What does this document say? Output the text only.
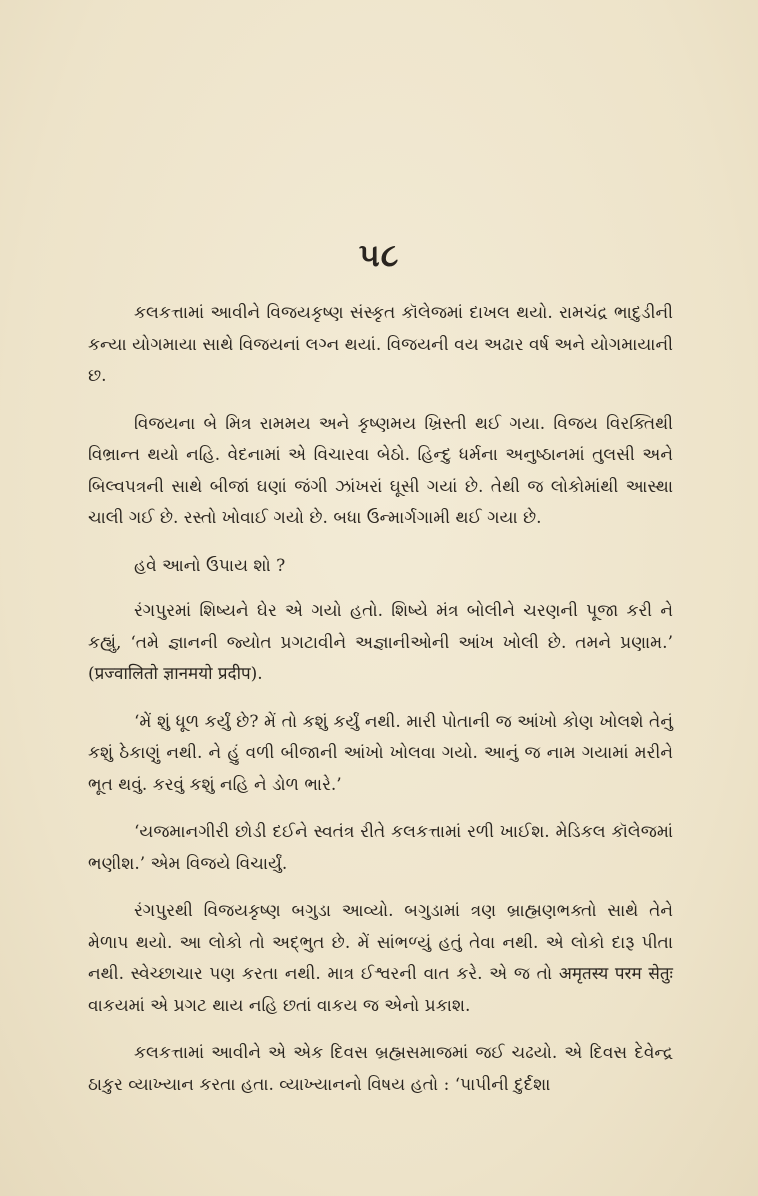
૫૮

કલકત્તામાં આવીને વિજયકૃષ્ણ સંસ્કૃત કૉલેજમાં દાખલ થયો. રામચંદ્ર ભાદુડીની કન્યા યોગમાયા સાથે વિજયનાં લગ્ન થયાં. વિજયની વય અઢાર વર્ષ અને યોગમાયાની છ.

વિજયના બે મિત્ર રામમય અને કૃષ્ણમય ખ્રિસ્તી થઈ ગયા. વિજય વિરક્તિથી વિભ્રાન્ત થયો નહિ. વેદનામાં એ વિચારવા બેઠો. હિન્દુ ધર્મના અનુષ્ઠાનમાં તુલસી અને બિલ્વપત્રની સાથે બીજાં ઘણાં જંગી ઝાંખરાં ઘૂસી ગયાં છે. તેથી જ લોકોમાંથી આસ્થા ચાલી ગઈ છે. રસ્તો ખોવાઈ ગયો છે. બધા ઉન્માર્ગગામી થઈ ગયા છે.

હવે આનો ઉપાય શો ?

રંગપુરમાં શિષ્યને ઘેર એ ગયો હતો. શિષ્યે મંત્ર બોલીને ચરણની પૂજા કરી ને કહ્યું, ‘તમે જ્ઞાનની જ્યોત પ્રગટાવીને અજ્ઞાનીઓની આંખ ખોલી છે. તમને પ્રણામ.’ (प्रज्वालितो ज्ञानमयो प्रदीप).

‘મેં શું ધૂળ કર્યું છે? મેં તો કશું કર્યું નથી. મારી પોતાની જ આંખો કોણ ખોલશે તેનું કશું ઠેકાણું નથી. ને હું વળી બીજાની આંખો ખોલવા ગયો. આનું જ નામ ગયામાં મરીને ભૂત થવું. કરવું કશું નહિ ને ડોળ ભારે.’

‘યજમાનગીરી છોડી દઈને સ્વતંત્ર રીતે કલકત્તામાં રળી ખાઈશ. મેડિકલ કૉલેજમાં ભણીશ.’ એમ વિજયે વિચાર્યું.

રંગપુરથી વિજયકૃષ્ણ બગુડા આવ્યો. બગુડામાં ત્રણ બ્રાહ્મણભક્તો સાથે તેને મેળાપ થયો. આ લોકો તો અદ્ભુત છે. મેં સાંભળ્યું હતું તેવા નથી. એ લોકો દારૂ પીતા નથી. સ્વેચ્છાચાર પણ કરતા નથી. માત્ર ઈશ્વરની વાત કરે. એ જ તો अमृतस्य परम सेतुः વાકયમાં એ પ્રગટ થાય નહિ છતાં વાકય જ એનો પ્રકાશ.

કલકત્તામાં આવીને એ એક દિવસ બ્રહ્મસમાજમાં જઈ ચઢયો. એ દિવસ દેવેન્દ્ર ઠાકુર વ્યાખ્યાન કરતા હતા. વ્યાખ્યાનનો વિષય હતો : ‘પાપીની દુર્દશા
